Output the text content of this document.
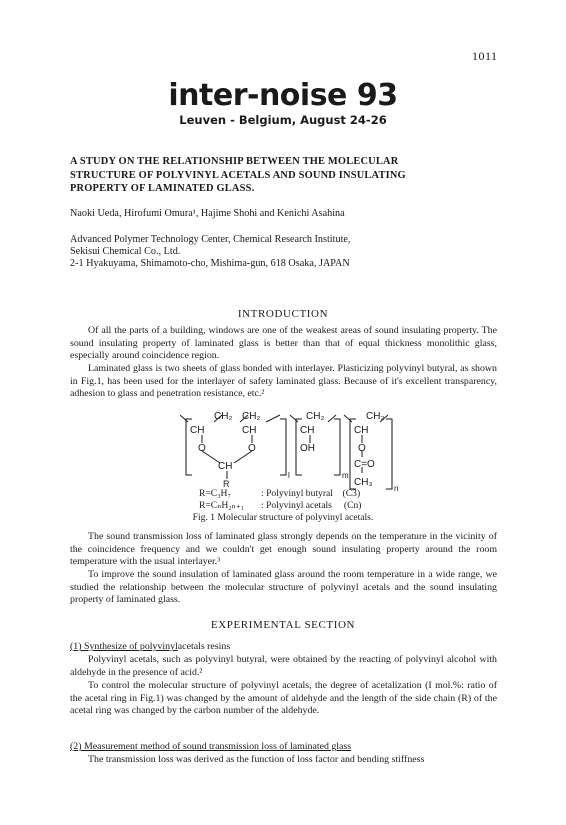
1011
inter-noise 93
Leuven - Belgium, August 24-26
A STUDY ON THE RELATIONSHIP BETWEEN THE MOLECULAR
STRUCTURE OF POLYVINYL ACETALS AND SOUND INSULATING
PROPERTY OF LAMINATED GLASS.
Naoki Ueda, Hirofumi Omura¹, Hajime Shohi and Kenichi Asahina
Advanced Polymer Technology Center, Chemical Research Institute,
Sekisui Chemical Co., Ltd.
2-1 Hyakuyama, Shimamoto-cho, Mishima-gun, 618 Osaka, JAPAN
INTRODUCTION
Of all the parts of a building, windows are one of the weakest areas of sound insulating property. The sound insulating property of laminated glass is better than that of equal thickness monolithic glass, especially around coincidence region.
Laminated glass is two sheets of glass bonded with interlayer. Plasticizing polyvinyl butyral, as shown in Fig.1, has been used for the interlayer of safety laminated glass. Because of it's excellent transparency, adhesion to glass and penetration resistance, etc.²
CH₂ CH₂	CH₂	CH₂
CH	CH	CH	CH
O	O	OH	O
CH	C=O
R	CH₃
l	m
n
R=C₃H₇	: Polyvinyl butyral    (C3)
R=CₙH₂ₙ₊₁ : Polyvinyl acetals     (Cn)
Fig. 1 Molecular structure of polyvinyl acetals.
The sound transmission loss of laminated glass strongly depends on the temperature in the vicinity of the coincidence frequency and we couldn't get enough sound insulating property around the room temperature with the usual interlayer.³
To improve the sound insulation of laminated glass around the room temperature in a wide range, we studied the relationship between the molecular structure of polyvinyl acetals and the sound insulating property of laminated glass.
EXPERIMENTAL SECTION
(1) Synthesize of polyvinylacetals resins
Polyvinyl acetals, such as polyvinyl butyral, were obtained by the reacting of polyvinyl alcohol with aldehyde in the presence of acid.²
To control the molecular structure of polyvinyl acetals, the degree of acetalization (I mol.%: ratio of the acetal ring in Fig.1) was changed by the amount of aldehyde and the length of the side chain (R) of the acetal ring was changed by the carbon number of the aldehyde.
(2) Measurement method of sound transmission loss of laminated glass
The transmission loss was derived as the function of loss factor and bending stiffness
